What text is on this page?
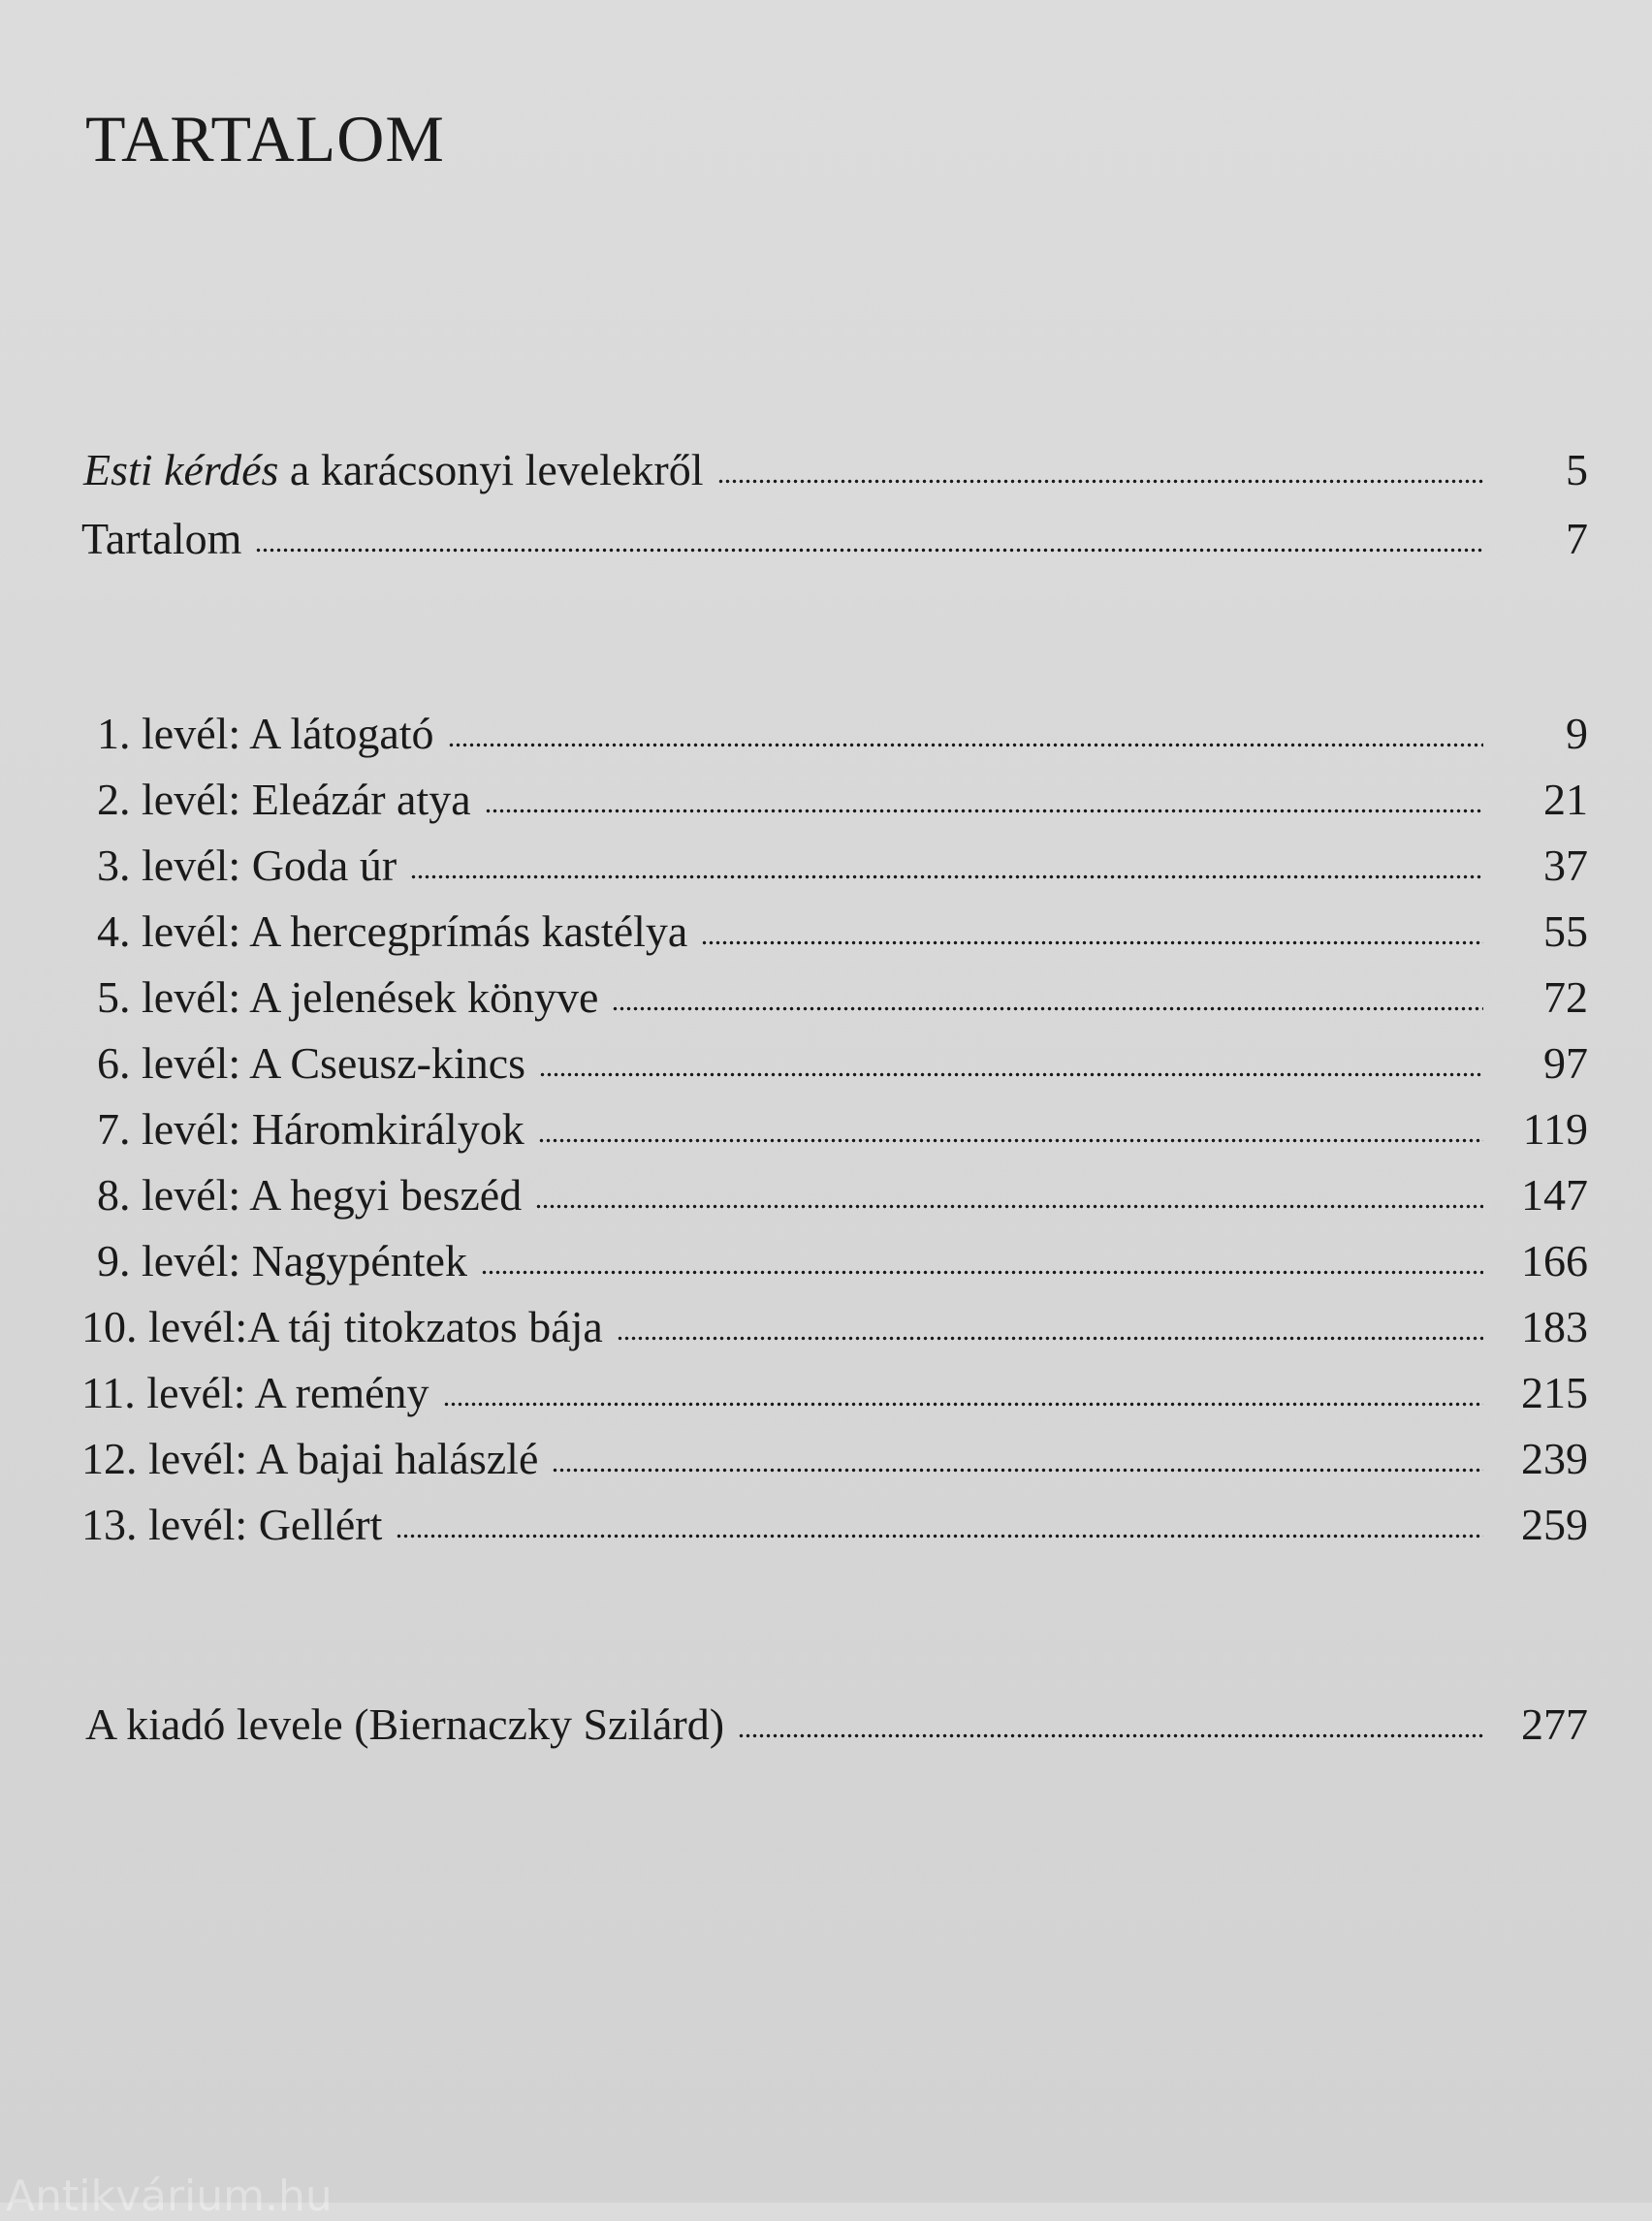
TARTALOM
Esti kérdés a karácsonyi levelekről	5
Tartalom	7
1. levél: A látogató	9
2. levél: Eleázár atya	21
3. levél: Goda úr	37
4. levél: A hercegprímás kastélya	55
5. levél: A jelenések könyve	72
6. levél: A Cseusz-kincs	97
7. levél: Háromkirályok	119
8. levél: A hegyi beszéd	147
9. levél: Nagypéntek	166
10. levél:A táj titokzatos bája	183
11. levél: A remény	215
12. levél: A bajai halászlé	239
13. levél: Gellért	259
A kiadó levele (Biernaczky Szilárd)	277
Antikvárium.hu
